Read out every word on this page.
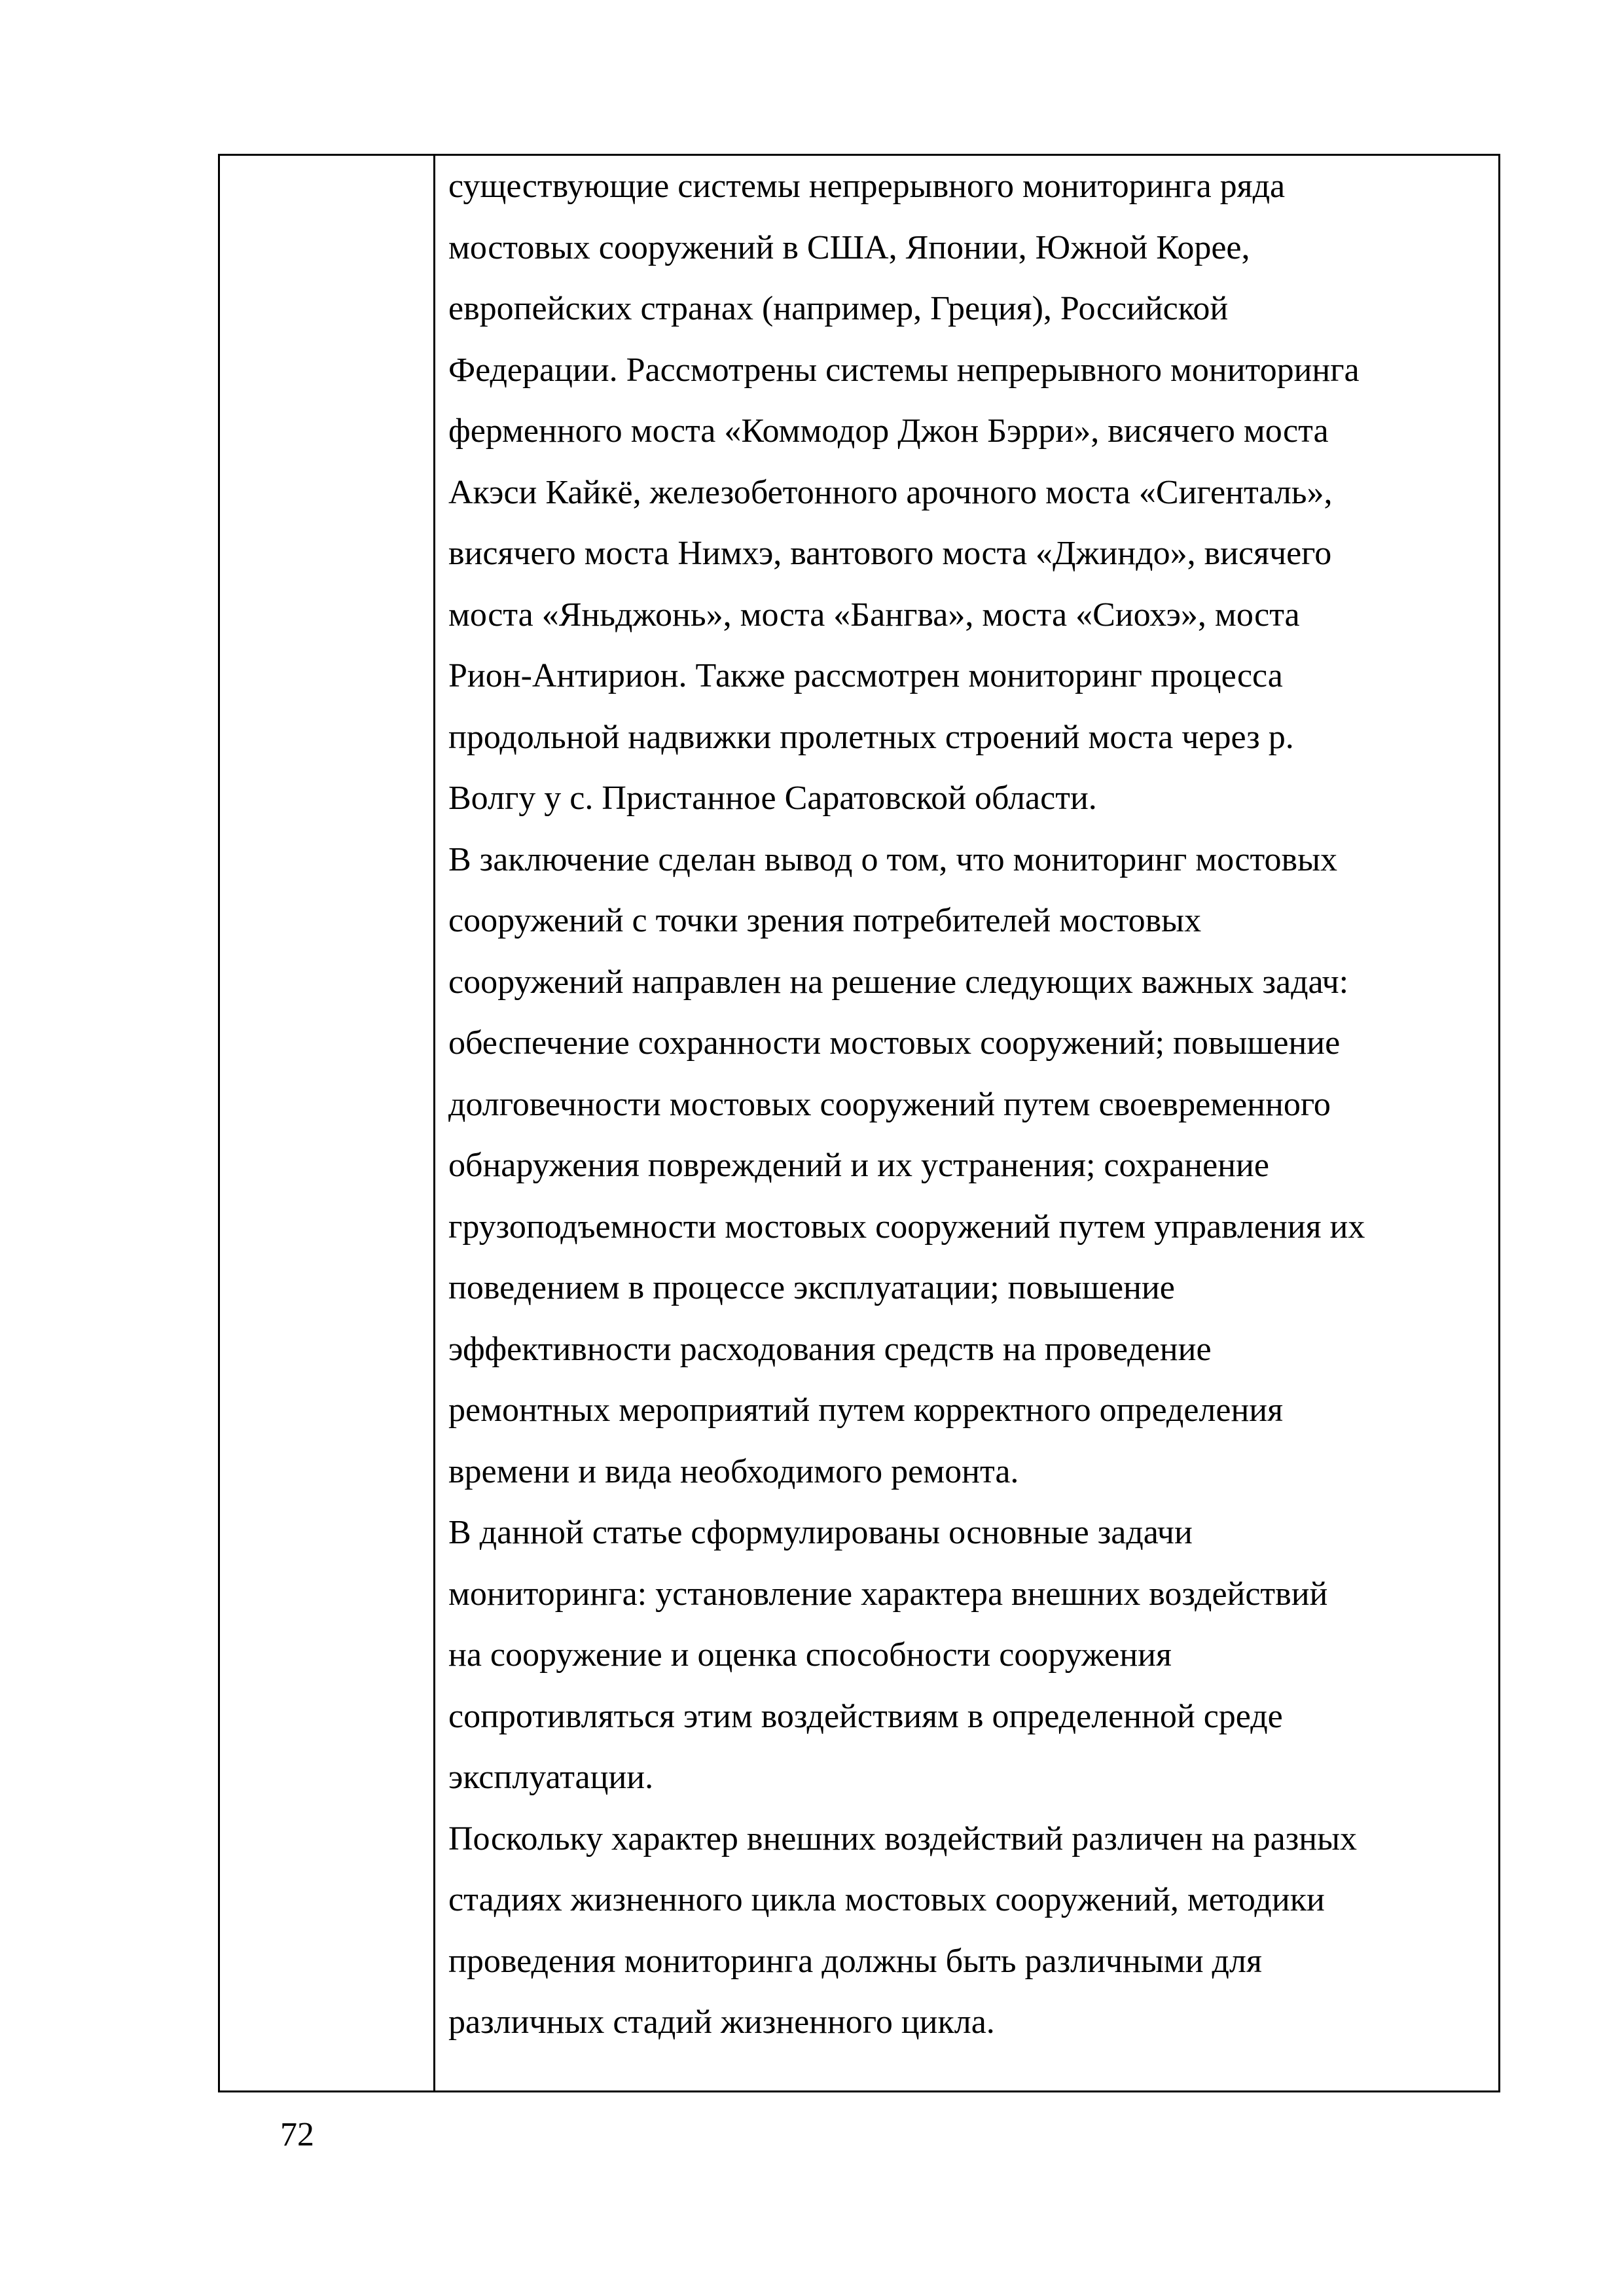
существующие системы непрерывного мониторинга ряда
мостовых сооружений в США, Японии, Южной Корее,
европейских странах (например, Греция), Российской
Федерации. Рассмотрены системы непрерывного мониторинга
ферменного моста «Коммодор Джон Бэрри», висячего моста
Акэси Кайкё, железобетонного арочного моста «Сигенталь»,
висячего моста Нимхэ, вантового моста «Джиндо», висячего
моста «Яньджонь», моста «Бангва», моста «Сиохэ», моста
Рион-Антирион. Также рассмотрен мониторинг процесса
продольной надвижки пролетных строений моста через р.
Волгу у с. Пристанное Саратовской области.
В заключение сделан вывод о том, что мониторинг мостовых
сооружений с точки зрения потребителей мостовых
сооружений направлен на решение следующих важных задач:
обеспечение сохранности мостовых сооружений; повышение
долговечности мостовых сооружений путем своевременного
обнаружения повреждений и их устранения; сохранение
грузоподъемности мостовых сооружений путем управления их
поведением в процессе эксплуатации; повышение
эффективности расходования средств на проведение
ремонтных мероприятий путем корректного определения
времени и вида необходимого ремонта.
В данной статье сформулированы основные задачи
мониторинга: установление характера внешних воздействий
на сооружение и оценка способности сооружения
сопротивляться этим воздействиям в определенной среде
эксплуатации.
Поскольку характер внешних воздействий различен на разных
стадиях жизненного цикла мостовых сооружений, методики
проведения мониторинга должны быть различными для
различных стадий жизненного цикла.
72
